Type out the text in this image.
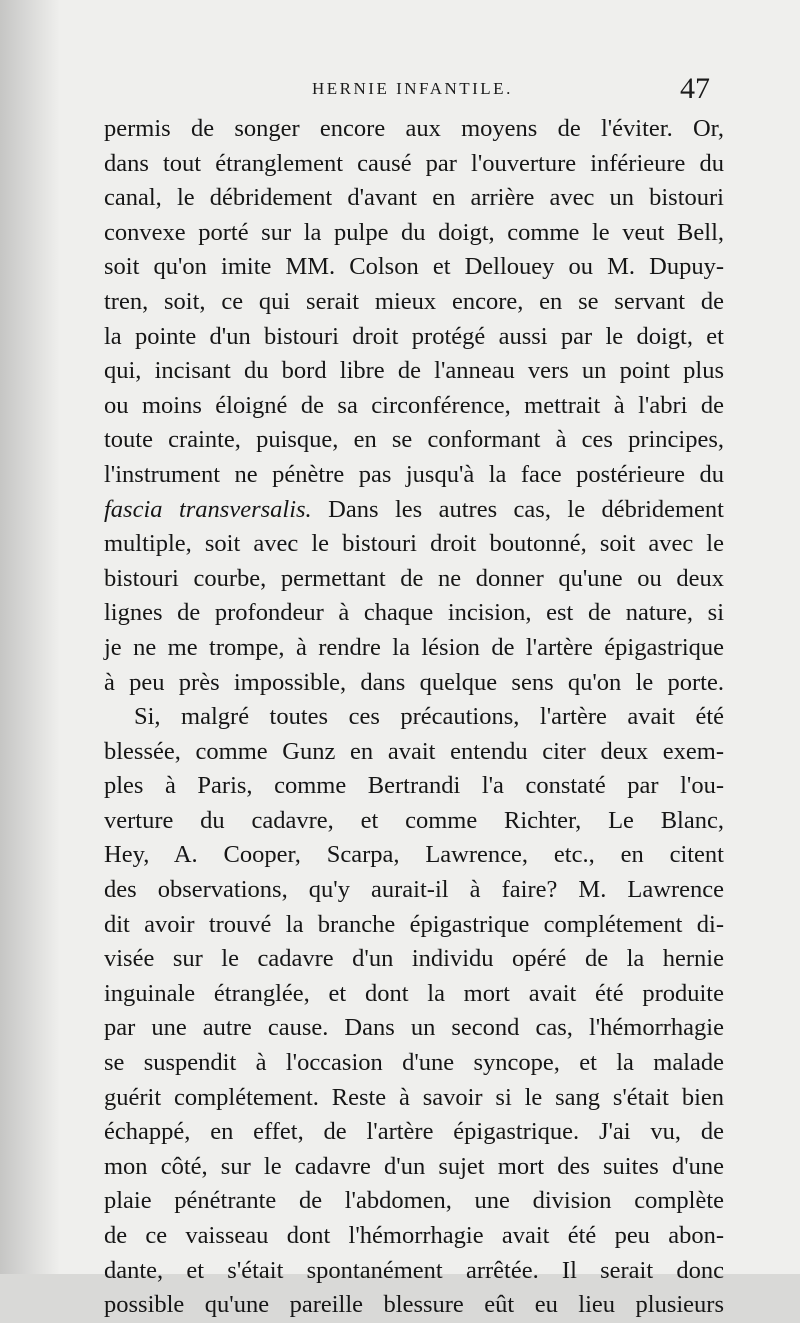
HERNIE INFANTILE.	47
permis de songer encore aux moyens de l'éviter. Or,
dans tout étranglement causé par l'ouverture inférieure du
canal, le débridement d'avant en arrière avec un bistouri
convexe porté sur la pulpe du doigt, comme le veut Bell,
soit qu'on imite MM. Colson et Dellouey ou M. Dupuy-
tren, soit, ce qui serait mieux encore, en se servant de
la pointe d'un bistouri droit protégé aussi par le doigt, et
qui, incisant du bord libre de l'anneau vers un point plus
ou moins éloigné de sa circonférence, mettrait à l'abri de
toute crainte, puisque, en se conformant à ces principes,
l'instrument ne pénètre pas jusqu'à la face postérieure du
fascia transversalis. Dans les autres cas, le débridement
multiple, soit avec le bistouri droit boutonné, soit avec le
bistouri courbe, permettant de ne donner qu'une ou deux
lignes de profondeur à chaque incision, est de nature, si
je ne me trompe, à rendre la lésion de l'artère épigastrique
à peu près impossible, dans quelque sens qu'on le porte.
Si, malgré toutes ces précautions, l'artère avait été
blessée, comme Gunz en avait entendu citer deux exem-
ples à Paris, comme Bertrandi l'a constaté par l'ou-
verture du cadavre, et comme Richter, Le Blanc,
Hey, A. Cooper, Scarpa, Lawrence, etc., en citent
des observations, qu'y aurait-il à faire? M. Lawrence
dit avoir trouvé la branche épigastrique complétement di-
visée sur le cadavre d'un individu opéré de la hernie
inguinale étranglée, et dont la mort avait été produite
par une autre cause. Dans un second cas, l'hémorrhagie
se suspendit à l'occasion d'une syncope, et la malade
guérit complétement. Reste à savoir si le sang s'était bien
échappé, en effet, de l'artère épigastrique. J'ai vu, de
mon côté, sur le cadavre d'un sujet mort des suites d'une
plaie pénétrante de l'abdomen, une division complète
de ce vaisseau dont l'hémorrhagie avait été peu abon-
dante, et s'était spontanément arrêtée. Il serait donc
possible qu'une pareille blessure eût eu lieu plusieurs
